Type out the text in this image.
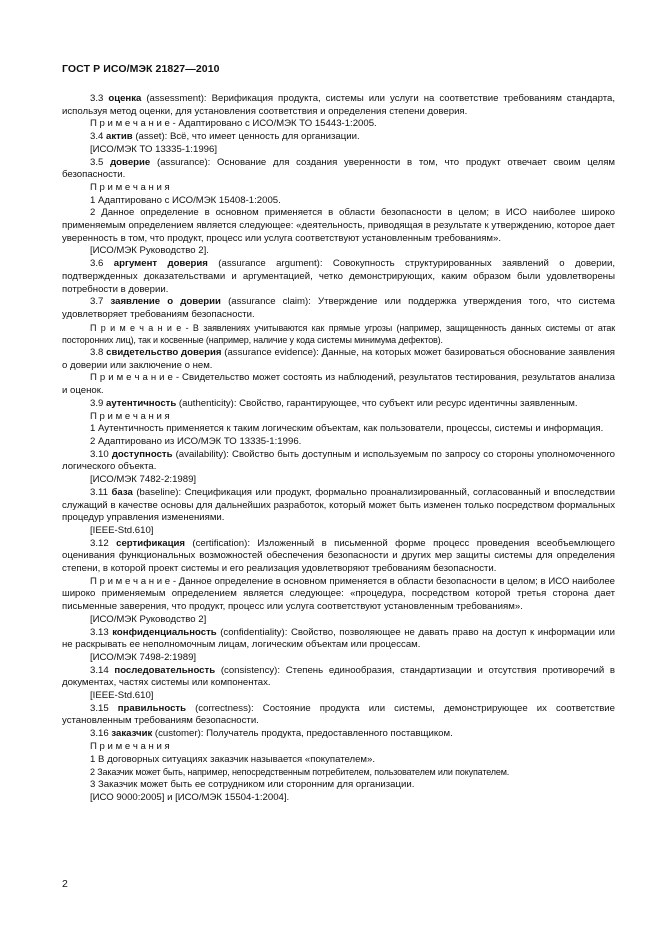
ГОСТ Р ИСО/МЭК 21827—2010

3.3 оценка (assessment): Верификация продукта, системы или услуги на соответствие требованиям стандарта, используя метод оценки, для установления соответствия и определения степени доверия.

П р и м е ч а н и е - Адаптировано с ИСО/МЭК ТО 15443-1:2005.

3.4 актив (asset): Всё, что имеет ценность для организации.

[ИСО/МЭК ТО 13335-1:1996]

3.5 доверие (assurance): Основание для создания уверенности в том, что продукт отвечает своим целям безопасности.

П р и м е ч а н и я

1 Адаптировано с ИСО/МЭК 15408-1:2005.

2 Данное определение в основном применяется в области безопасности в целом; в ИСО наиболее широко применяемым определением является следующее: «деятельность, приводящая в результате к утверждению, которое дает уверенность в том, что продукт, процесс или услуга соответствуют установленным требованиям».

[ИСО/МЭК Руководство 2].

3.6 аргумент доверия (assurance argument): Совокупность структурированных заявлений о доверии, подтвержденных доказательствами и аргументацией, четко демонстрирующих, каким образом были удовлетворены потребности в доверии.

3.7 заявление о доверии (assurance claim): Утверждение или поддержка утверждения того, что система удовлетворяет требованиям безопасности.

П р и м е ч а н и е - В заявлениях учитываются как прямые угрозы (например, защищенность данных системы от атак посторонних лиц), так и косвенные (например, наличие у кода системы минимума дефектов).

3.8 свидетельство доверия (assurance evidence): Данные, на которых может базироваться обоснование заявления о доверии или заключение о нем.

П р и м е ч а н и е - Свидетельство может состоять из наблюдений, результатов тестирования, результатов анализа и оценок.

3.9 аутентичность (authenticity): Свойство, гарантирующее, что субъект или ресурс идентичны заявленным.

П р и м е ч а н и я

1 Аутентичность применяется к таким логическим объектам, как пользователи, процессы, системы и информация.

2 Адаптировано из ИСО/МЭК ТО 13335-1:1996.

3.10 доступность (availability): Свойство быть доступным и используемым по запросу со стороны уполномоченного логического объекта.

[ИСО/МЭК 7482-2:1989]

3.11 база (baseline): Спецификация или продукт, формально проанализированный, согласованный и впоследствии служащий в качестве основы для дальнейших разработок, который может быть изменен только посредством формальных процедур управления изменениями.

[IEEE-Std.610]

3.12 сертификация (certification): Изложенный в письменной форме процесс проведения всеобъемлющего оценивания функциональных возможностей обеспечения безопасности и других мер защиты системы для определения степени, в которой проект системы и его реализация удовлетворяют требованиям безопасности.

П р и м е ч а н и е - Данное определение в основном применяется в области безопасности в целом; в ИСО наиболее широко применяемым определением является следующее: «процедура, посредством которой третья сторона дает письменные заверения, что продукт, процесс или услуга соответствуют установленным требованиям».

[ИСО/МЭК Руководство 2]

3.13 конфиденциальность (confidentiality): Свойство, позволяющее не давать право на доступ к информации или не раскрывать ее неполномочным лицам, логическим объектам или процессам.

[ИСО/МЭК 7498-2:1989]

3.14 последовательность (consistency): Степень единообразия, стандартизации и отсутствия противоречий в документах, частях системы или компонентах.

[IEEE-Std.610]

3.15 правильность (correctness): Состояние продукта или системы, демонстрирующее их соответствие установленным требованиям безопасности.

3.16 заказчик (customer): Получатель продукта, предоставленного поставщиком.

П р и м е ч а н и я

1 В договорных ситуациях заказчик называется «покупателем».

2 Заказчик может быть, например, непосредственным потребителем, пользователем или покупателем.

3 Заказчик может быть ее сотрудником или сторонним для организации.

[ИСО 9000:2005] и [ИСО/МЭК 15504-1:2004].

2
